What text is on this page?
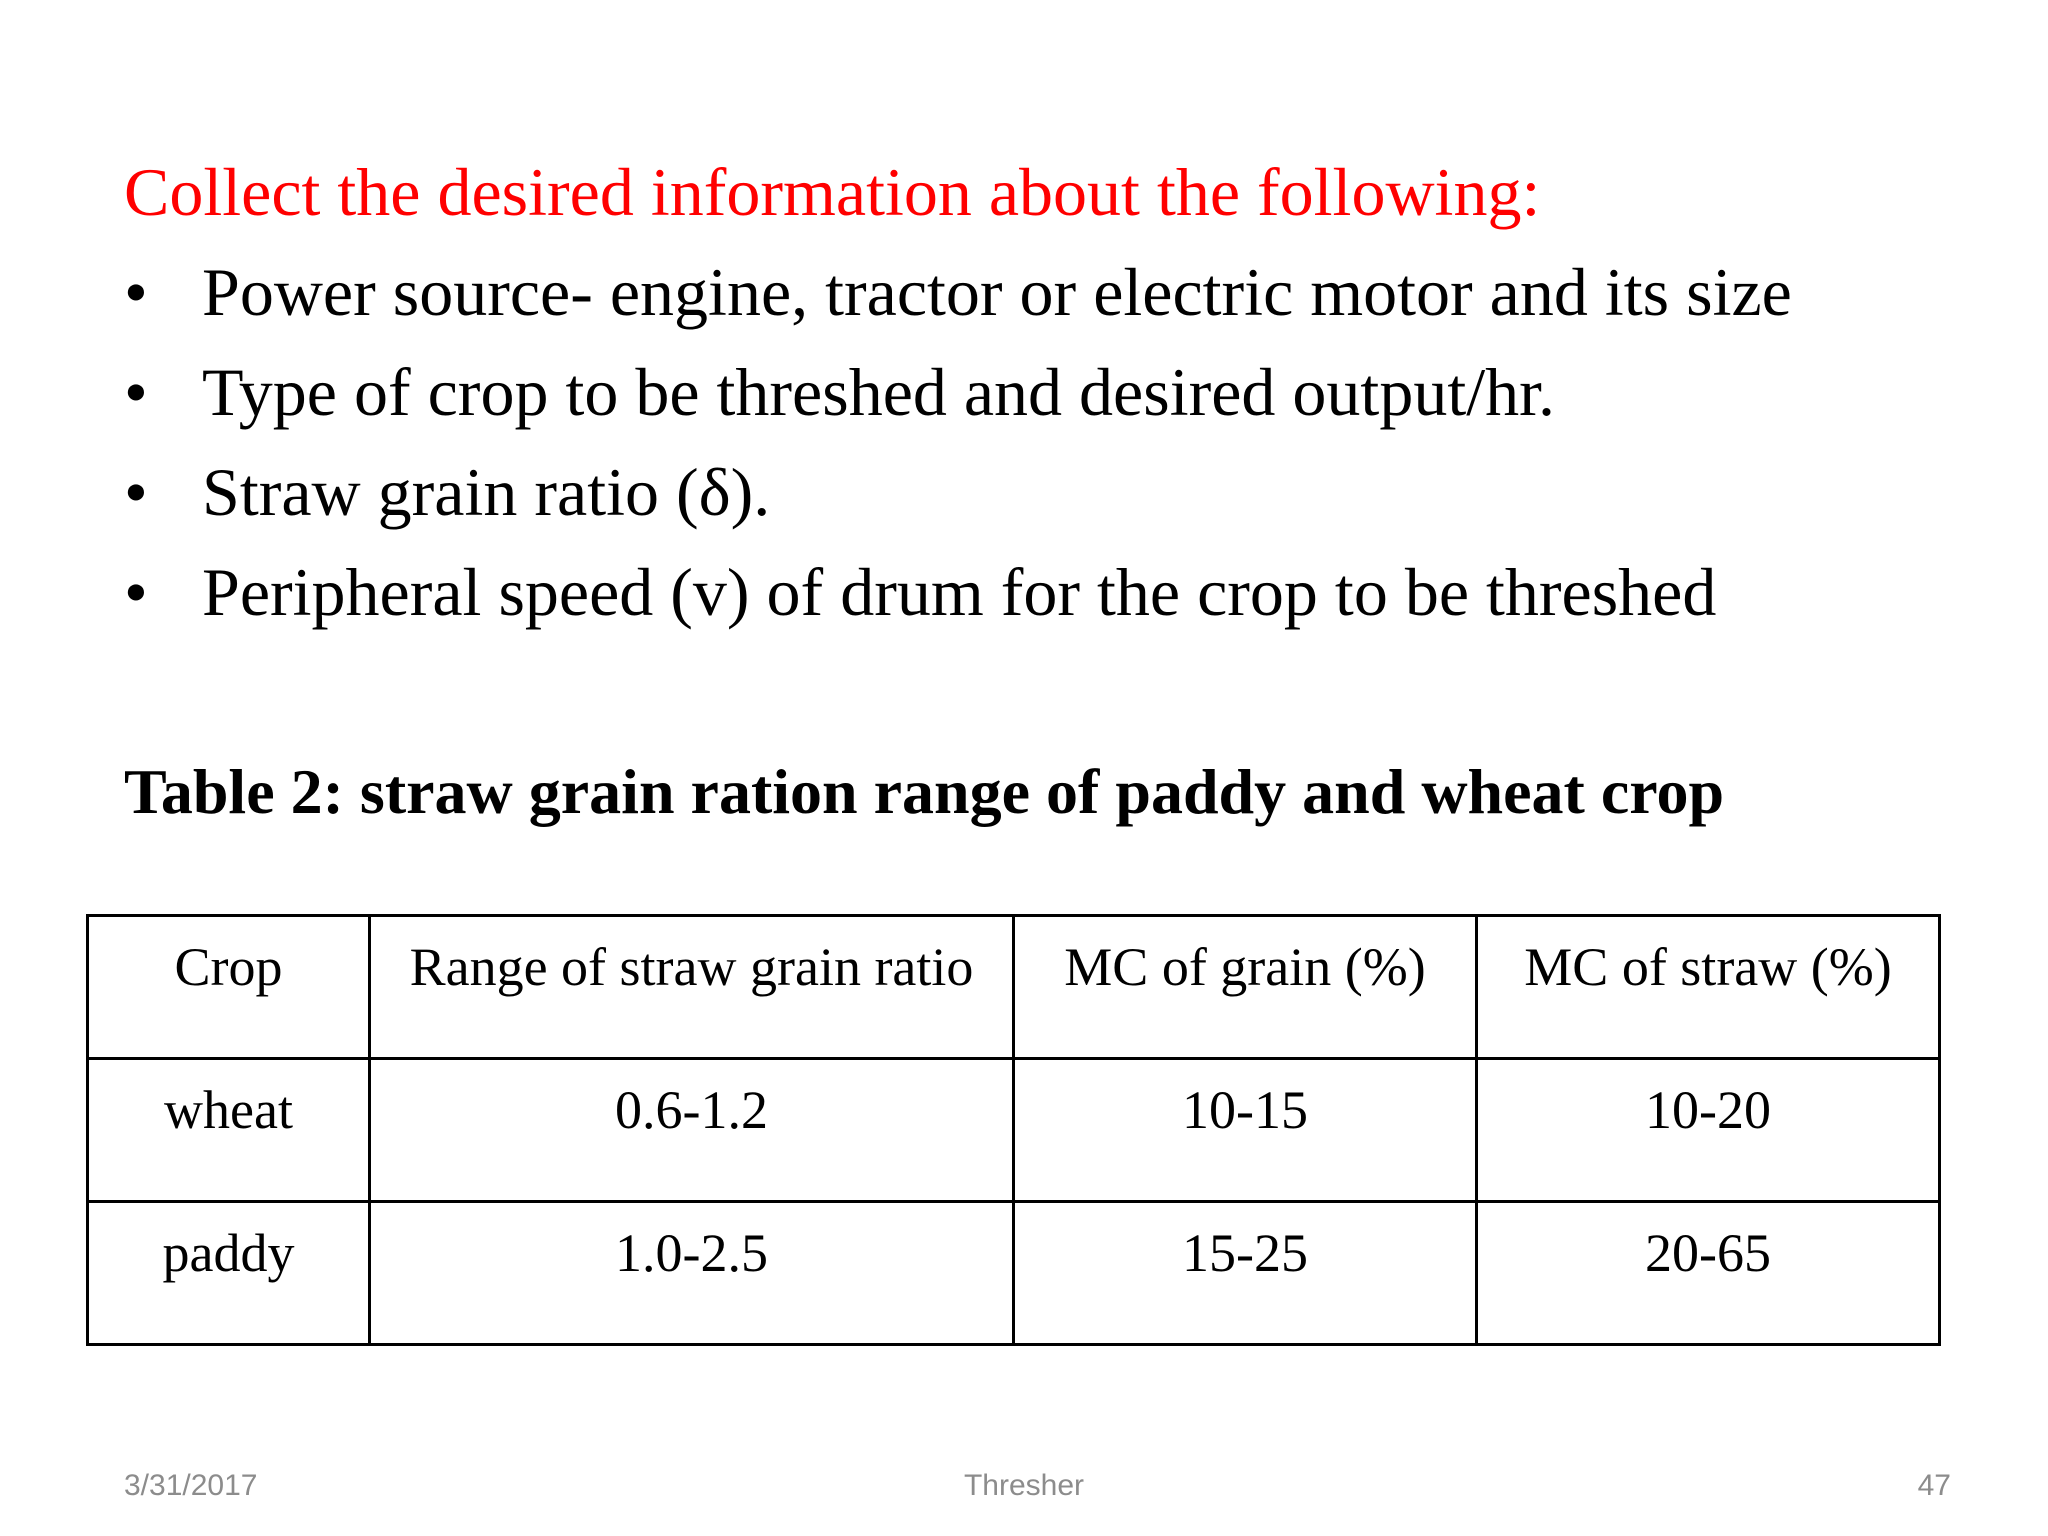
Collect the desired information about the following:
• Power source- engine, tractor or electric motor and its size
• Type of crop to be threshed and desired output/hr.
• Straw grain ratio (δ).
• Peripheral speed (v) of drum for the crop to be threshed
Table 2: straw grain ration range of paddy and wheat crop
Crop	Range of straw grain ratio	MC of grain (%)	MC of straw (%)
wheat	0.6-1.2	10-15	10-20
paddy	1.0-2.5	15-25	20-65
3/31/2017	Thresher	47
